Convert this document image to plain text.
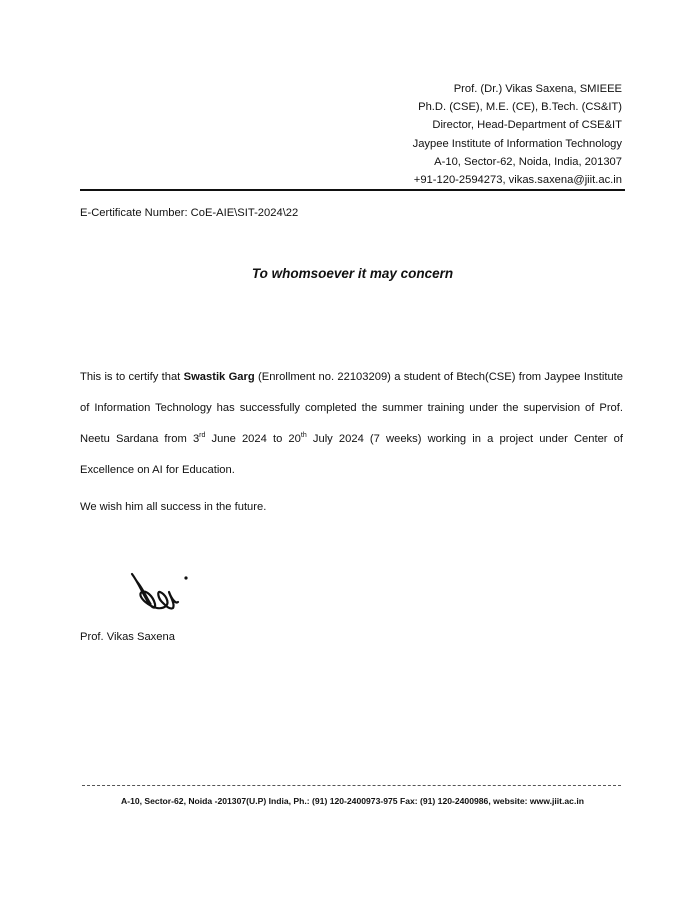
Prof. (Dr.) Vikas Saxena, SMIEEE
Ph.D. (CSE), M.E. (CE), B.Tech. (CS&IT)
Director, Head-Department of CSE&IT
Jaypee Institute of Information Technology
A-10, Sector-62, Noida, India, 201307
+91-120-2594273, vikas.saxena@jiit.ac.in
E-Certificate Number: CoE-AIE\SIT-2024\22
To whomsoever it may concern
This is to certify that Swastik Garg (Enrollment no. 22103209) a student of Btech(CSE) from Jaypee Institute of Information Technology has successfully completed the summer training under the supervision of Prof. Neetu Sardana from 3rd June 2024 to 20th July 2024 (7 weeks) working in a project under Center of Excellence on AI for Education.
We wish him all success in the future.
Prof. Vikas Saxena
A-10, Sector-62, Noida -201307(U.P) India, Ph.: (91) 120-2400973-975 Fax: (91) 120-2400986, website: www.jiit.ac.in
